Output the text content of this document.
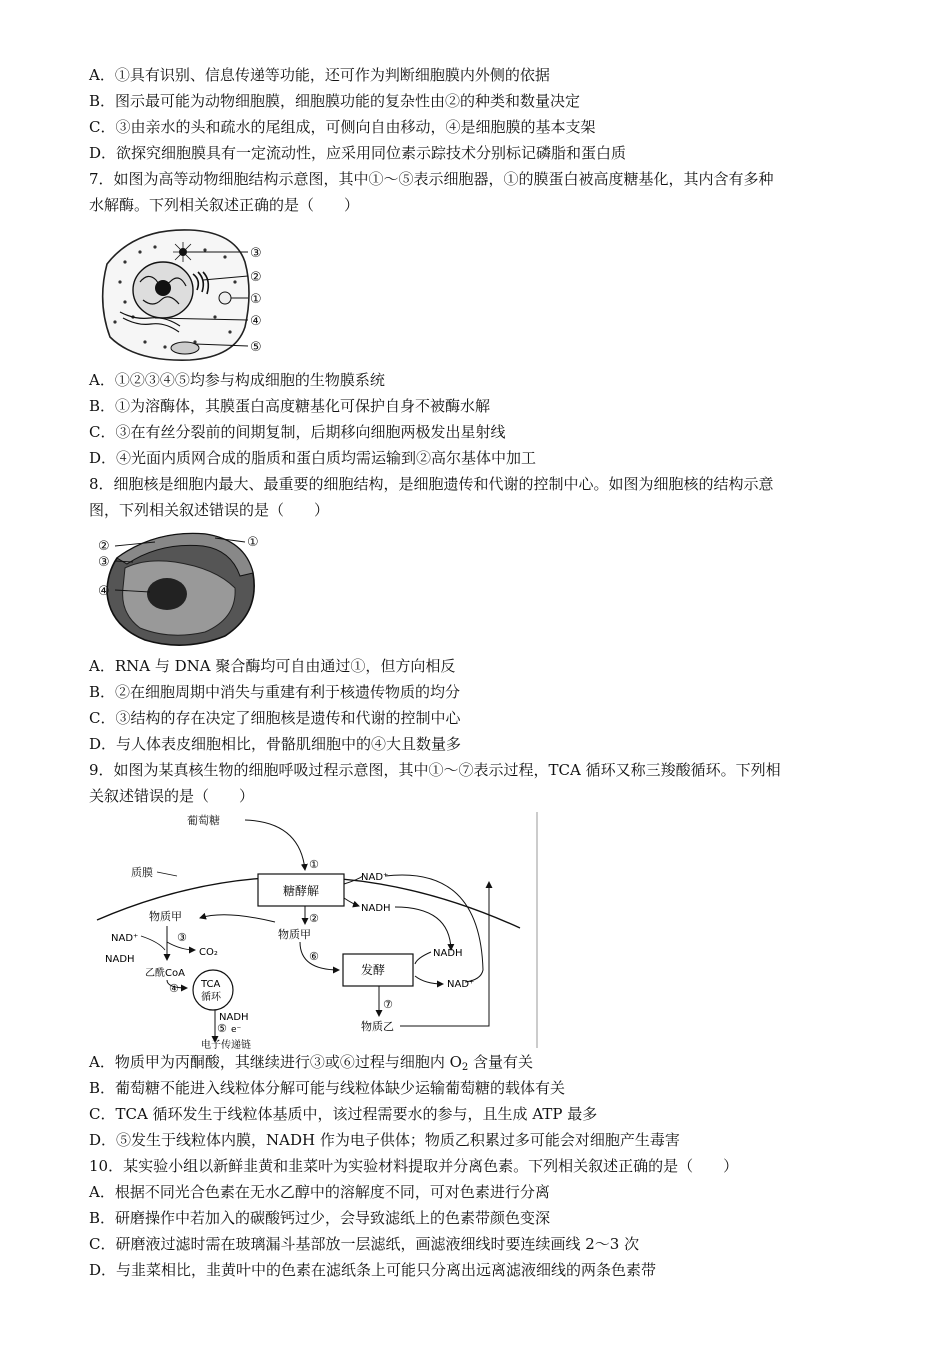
A．①具有识别、信息传递等功能，还可作为判断细胞膜内外侧的依据
B．图示最可能为动物细胞膜，细胞膜功能的复杂性由②的种类和数量决定
C．③由亲水的头和疏水的尾组成，可侧向自由移动，④是细胞膜的基本支架
D．欲探究细胞膜具有一定流动性，应采用同位素示踪技术分别标记磷脂和蛋白质
7．如图为高等动物细胞结构示意图，其中①～⑤表示细胞器，①的膜蛋白被高度糖基化，其内含有多种
水解酶。下列相关叙述正确的是（　　）
③
②
①
④
⑤
A．①②③④⑤均参与构成细胞的生物膜系统
B．①为溶酶体，其膜蛋白高度糖基化可保护自身不被酶水解
C．③在有丝分裂前的间期复制，后期移向细胞两极发出星射线
D．④光面内质网合成的脂质和蛋白质均需运输到②高尔基体中加工
8．细胞核是细胞内最大、最重要的细胞结构，是细胞遗传和代谢的控制中心。如图为细胞核的结构示意
图，下列相关叙述错误的是（　　）
②
③
④
①
A．RNA 与 DNA 聚合酶均可自由通过①，但方向相反
B．②在细胞周期中消失与重建有利于核遗传物质的均分
C．③结构的存在决定了细胞核是遗传和代谢的控制中心
D．与人体表皮细胞相比，骨骼肌细胞中的④大且数量多
9．如图为某真核生物的细胞呼吸过程示意图，其中①～⑦表示过程，TCA 循环又称三羧酸循环。下列相
关叙述错误的是（　　）
葡萄糖
质膜
①
糖酵解
②
物质甲
NAD⁺
NADH
物质甲
NAD⁺	③
CO₂
NADH
乙酰CoA
④ TCA
循环
NADH
⑤ e⁻
电子传递链
⑥
发酵
NADH
NAD⁺
⑦
物质乙
A．物质甲为丙酮酸，其继续进行③或⑥过程与细胞内 $O_2$ 含量有关
B．葡萄糖不能进入线粒体分解可能与线粒体缺少运输葡萄糖的载体有关
C．TCA 循环发生于线粒体基质中，该过程需要水的参与，且生成 ATP 最多
D．⑤发生于线粒体内膜，NADH 作为电子供体；物质乙积累过多可能会对细胞产生毒害
10．某实验小组以新鲜韭黄和韭菜叶为实验材料提取并分离色素。下列相关叙述正确的是（　　）
A．根据不同光合色素在无水乙醇中的溶解度不同，可对色素进行分离
B．研磨操作中若加入的碳酸钙过少，会导致滤纸上的色素带颜色变深
C．研磨液过滤时需在玻璃漏斗基部放一层滤纸，画滤液细线时要连续画线 2～3 次
D．与韭菜相比，韭黄叶中的色素在滤纸条上可能只分离出远离滤液细线的两条色素带
